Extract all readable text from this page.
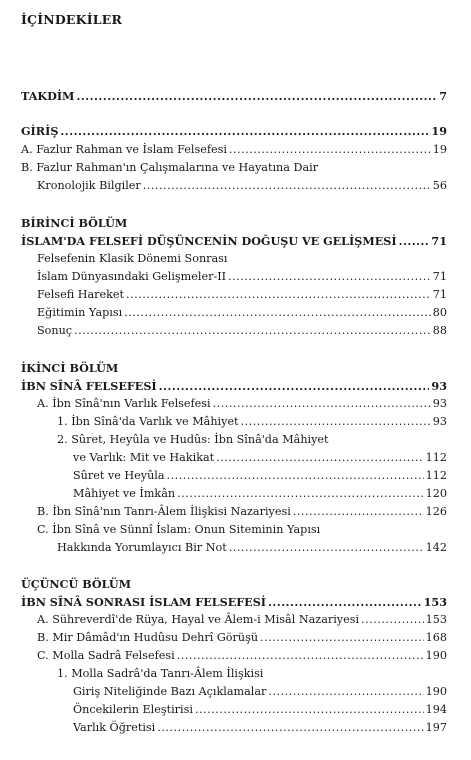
İÇİNDEKİLER
TAKDİM .....	7
GİRİŞ .....	19
A. Fazlur Rahman ve İslam Felsefesi .....	19
B. Fazlur Rahman'ın Çalışmalarına ve Hayatına Dair
Kronolojik Bilgiler .....	56
BİRİNCİ BÖLÜM
İSLAM'DA FELSEFİ DÜŞÜNCENİN DOĞUŞU VE GELİŞMESİ .....	71
Felsefenin Klasik Dönemi Sonrası
İslam Dünyasındaki Gelişmeler-II .....	71
Felsefi Hareket .....	71
Eğitimin Yapısı .....	80
Sonuç .....	88
İKİNCİ BÖLÜM
İBN SÎNÂ FELSEFESİ .....	93
A. İbn Sînâ'nın Varlık Felsefesi .....	93
1. İbn Sînâ'da Varlık ve Mâhiyet .....	93
2. Sûret, Heyûla ve Hudûs: İbn Sînâ'da Mâhiyet
ve Varlık: Mit ve Hakikat .....	112
Sûret ve Heyûla .....	112
Mâhiyet ve İmkân .....	120
B. İbn Sînâ'nın Tanrı-Âlem İlişkisi Nazariyesi .....	126
C. İbn Sînâ ve Sünnî İslam: Onun Siteminin Yapısı
Hakkında Yorumlayıcı Bir Not .....	142
ÜÇÜNCÜ BÖLÜM
İBN SÎNÂ SONRASI İSLAM FELSEFESİ .....	153
A. Sühreverdî'de Rüya, Hayal ve Âlem-i Misâl Nazariyesi .....	153
B. Mir Dâmâd'ın Hudûsu Dehrî Görüşü .....	168
C. Molla Sadrâ Felsefesi .....	190
1. Molla Sadrâ'da Tanrı-Âlem İlişkisi
Giriş Niteliğinde Bazı Açıklamalar .....	190
Öncekilerin Eleştirisi .....	194
Varlık Öğretisi .....	197
